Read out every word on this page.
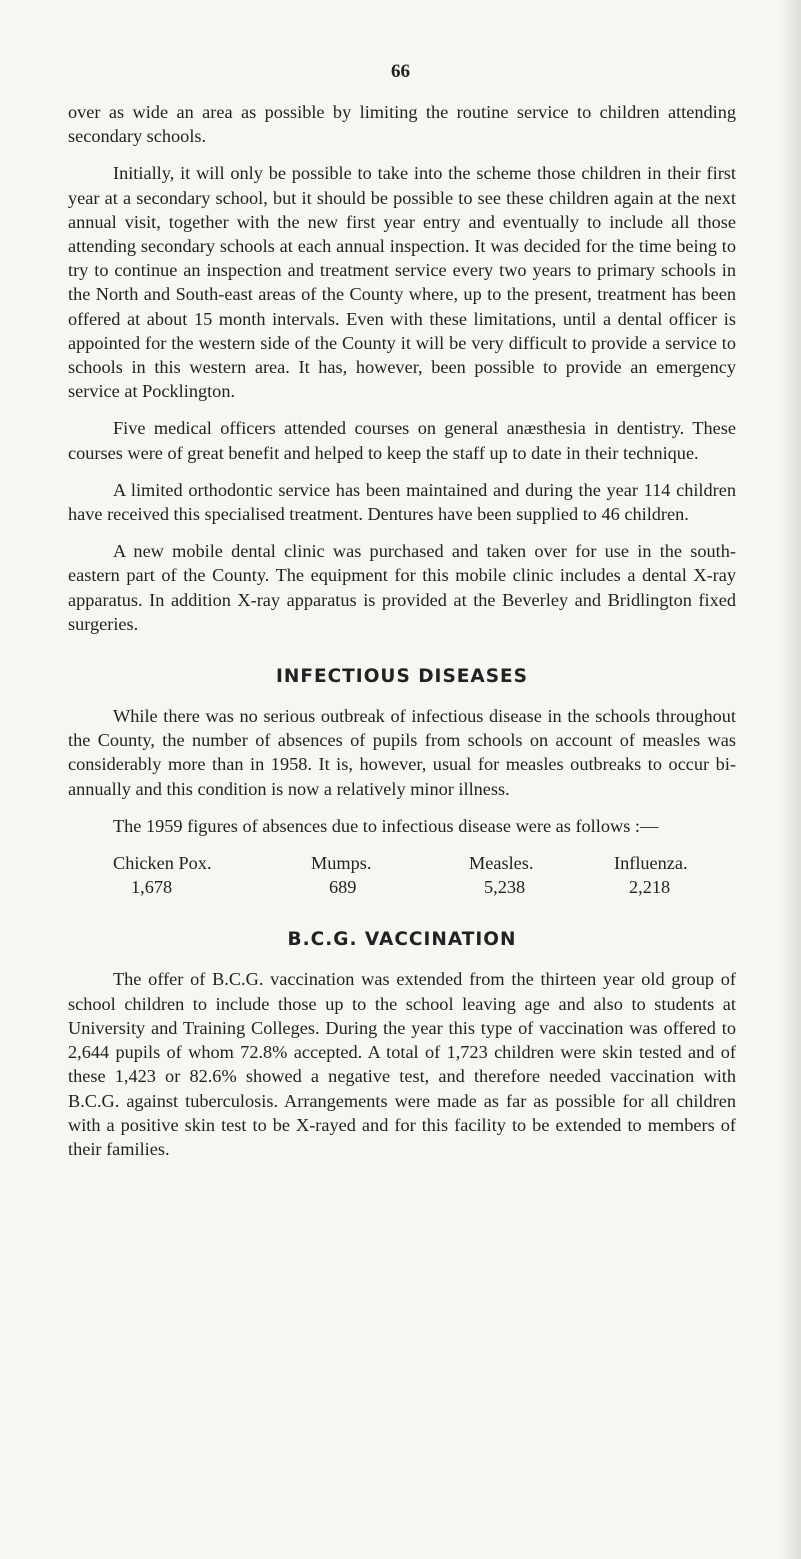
66

over as wide an area as possible by limiting the routine service to children attending secondary schools.

Initially, it will only be possible to take into the scheme those children in their first year at a secondary school, but it should be possible to see these children again at the next annual visit, together with the new first year entry and eventually to include all those attending secondary schools at each annual inspection. It was decided for the time being to try to continue an inspection and treatment service every two years to primary schools in the North and South-east areas of the County where, up to the present, treatment has been offered at about 15 month intervals. Even with these limitations, until a dental officer is appointed for the western side of the County it will be very difficult to provide a service to schools in this western area. It has, however, been possible to provide an emergency service at Pocklington.

Five medical officers attended courses on general anæsthesia in dentistry. These courses were of great benefit and helped to keep the staff up to date in their technique.

A limited orthodontic service has been maintained and during the year 114 children have received this specialised treatment. Dentures have been supplied to 46 children.

A new mobile dental clinic was purchased and taken over for use in the south-eastern part of the County. The equipment for this mobile clinic includes a dental X-ray apparatus. In addition X-ray apparatus is provided at the Beverley and Bridlington fixed surgeries.

INFECTIOUS DISEASES

While there was no serious outbreak of infectious disease in the schools throughout the County, the number of absences of pupils from schools on account of measles was considerably more than in 1958. It is, however, usual for measles outbreaks to occur bi-annually and this condition is now a relatively minor illness.

The 1959 figures of absences due to infectious disease were as follows :—

Chicken Pox.	Mumps.	Measles.	Influenza.
1,678	689	5,238	2,218
B.C.G. VACCINATION

The offer of B.C.G. vaccination was extended from the thirteen year old group of school children to include those up to the school leaving age and also to students at University and Training Colleges. During the year this type of vaccination was offered to 2,644 pupils of whom 72.8% accepted. A total of 1,723 children were skin tested and of these 1,423 or 82.6% showed a negative test, and therefore needed vaccination with B.C.G. against tuberculosis. Arrangements were made as far as possible for all children with a positive skin test to be X-rayed and for this facility to be extended to members of their families.
